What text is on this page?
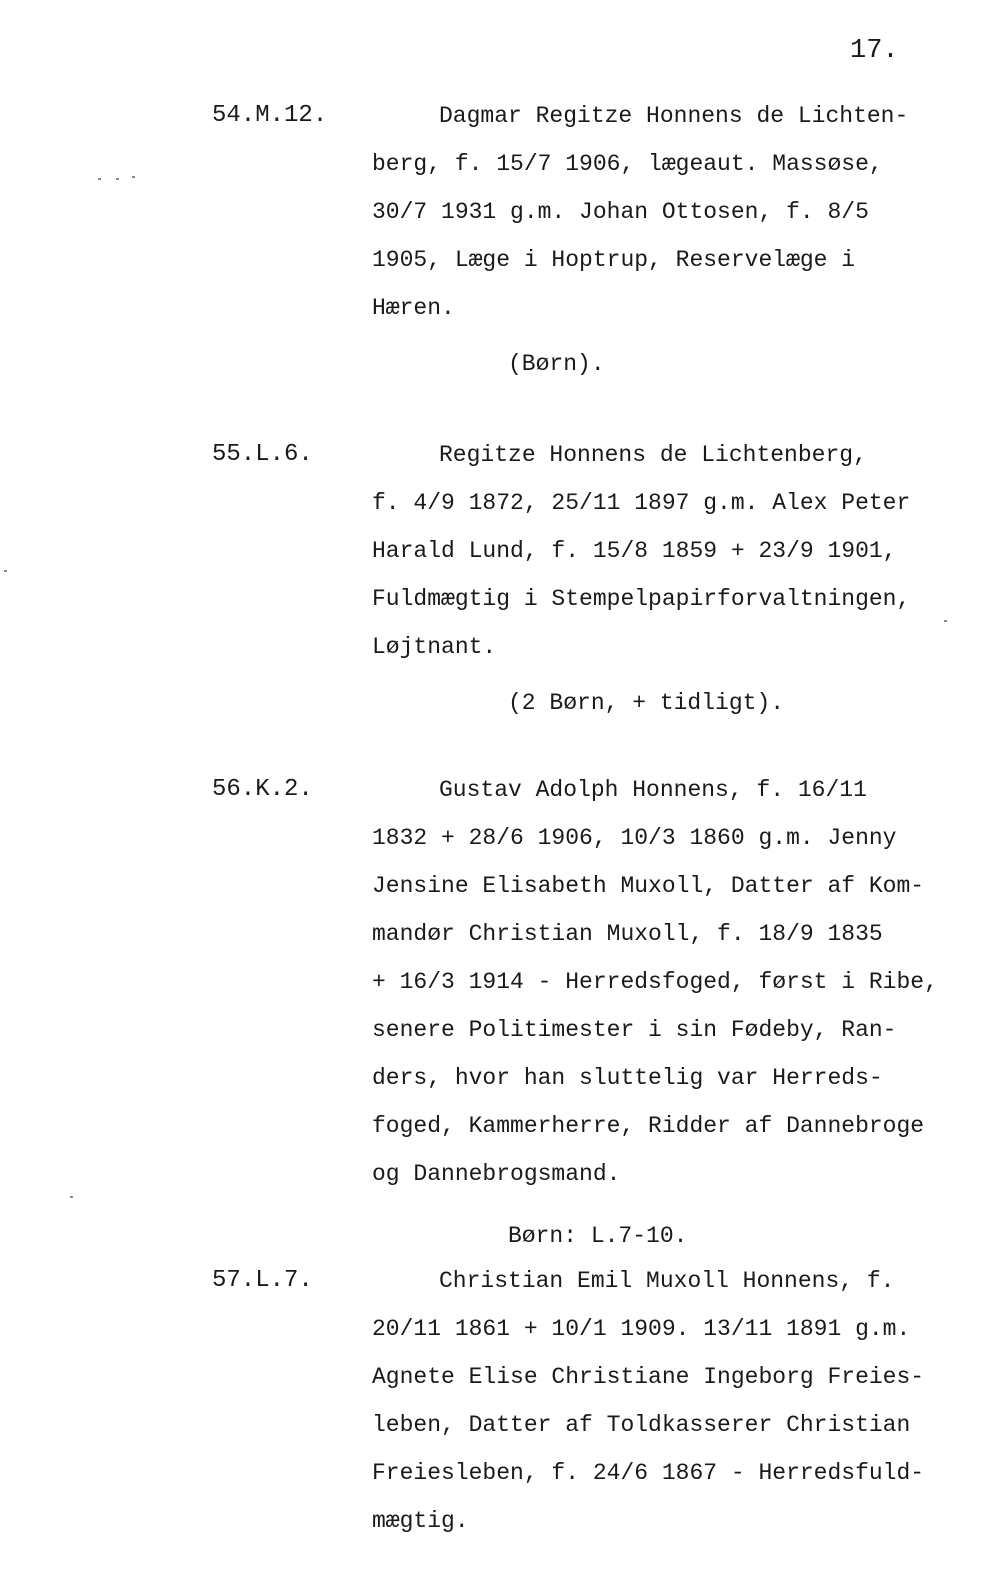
17.
54.M.12.	Dagmar Regitze Honnens de Lichten-
berg, f. 15/7 1906, lægeaut. Massøse,
30/7 1931 g.m. Johan Ottosen, f. 8/5
1905, Læge i Hoptrup, Reservelæge i
Hæren.
(Børn).
55.L.6.	Regitze Honnens de Lichtenberg,
f. 4/9 1872, 25/11 1897 g.m. Alex Peter
Harald Lund, f. 15/8 1859 + 23/9 1901,
Fuldmægtig i Stempelpapirforvaltningen,
Løjtnant.
(2 Børn, + tidligt).
56.K.2.	Gustav Adolph Honnens, f. 16/11
1832 + 28/6 1906, 10/3 1860 g.m. Jenny
Jensine Elisabeth Muxoll, Datter af Kom-
mandør Christian Muxoll, f. 18/9 1835
+ 16/3 1914 - Herredsfoged, først i Ribe,
senere Politimester i sin Fødeby, Ran-
ders, hvor han sluttelig var Herreds-
foged, Kammerherre, Ridder af Dannebroge
og Dannebrogsmand.
Børn: L.7-10.
57.L.7.	Christian Emil Muxoll Honnens, f.
20/11 1861 + 10/1 1909. 13/11 1891 g.m.
Agnete Elise Christiane Ingeborg Freies-
leben, Datter af Toldkasserer Christian
Freiesleben, f. 24/6 1867 - Herredsfuld-
mægtig.
